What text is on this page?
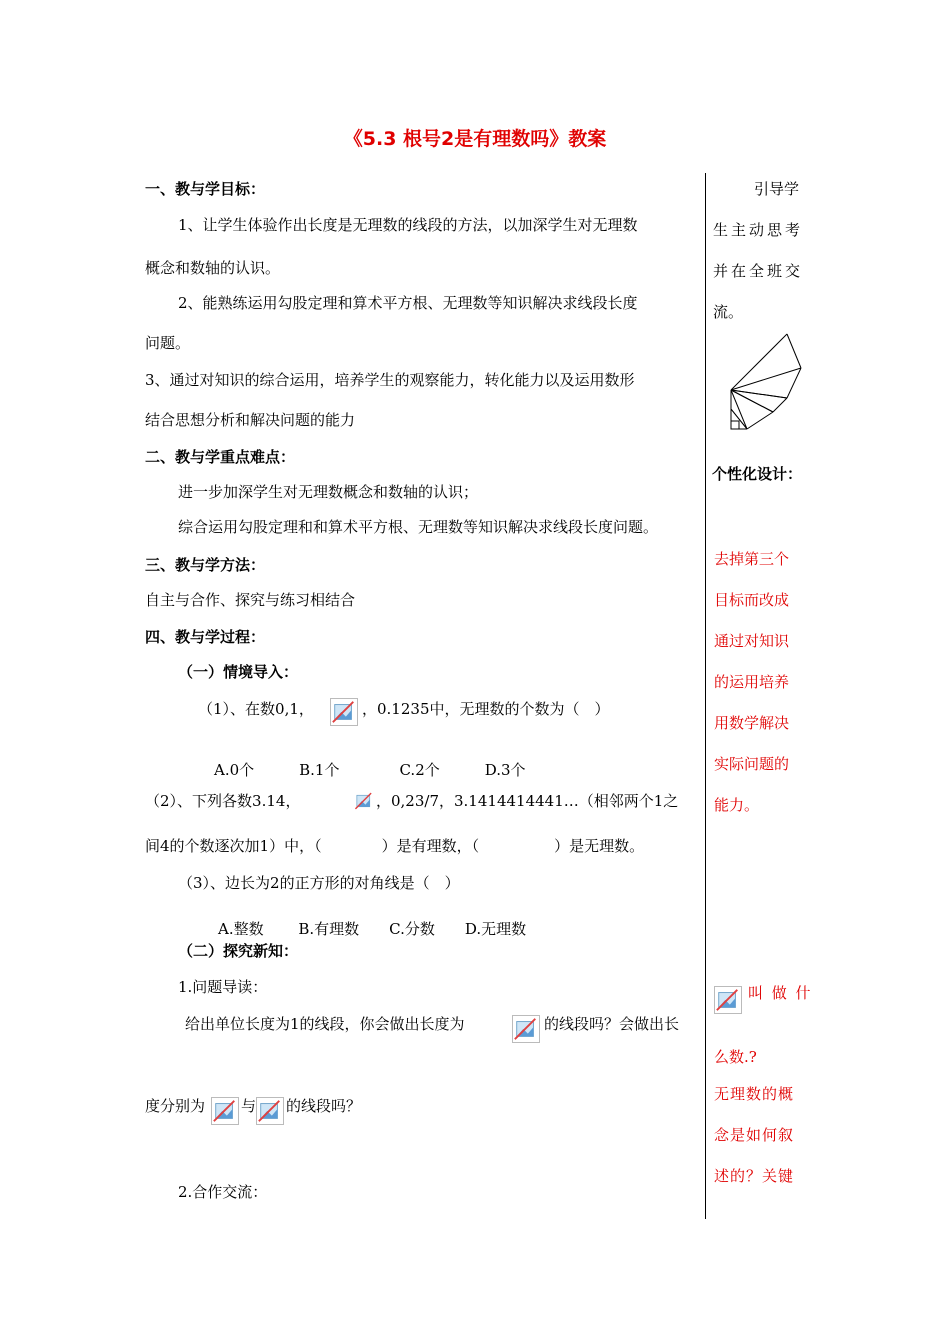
《5.3 根号2是有理数吗》教案
一、教与学目标：
1、让学生体验作出长度是无理数的线段的方法，以加深学生对无理数
概念和数轴的认识。
2、能熟练运用勾股定理和算术平方根、无理数等知识解决求线段长度
问题。
3、通过对知识的综合运用，培养学生的观察能力，转化能力以及运用数形
结合思想分析和解决问题的能力
二、教与学重点难点：
进一步加深学生对无理数概念和数轴的认识；
综合运用勾股定理和和算术平方根、无理数等知识解决求线段长度问题。
三、教与学方法：
自主与合作、探究与练习相结合
四、教与学过程：
（一）情境导入：
（1）、在数0,1，	，0.1235中，无理数的个数为（　）
A.0个　　　B.1个　　　　C.2个　　　D.3个
（2）、下列各数3.14，	，0,23/7，3.1414414441…（相邻两个1之
间4的个数逐次加1）中，（　　　　）是有理数，（　　　　　）是无理数。
（3）、边长为2的正方形的对角线是（　）
A.整数　　 B.有理数　　C.分数　　D.无理数
（二）探究新知：
1.问题导读：
给出单位长度为1的线段，你会做出长度为	的线段吗？会做出长
度分别为 与 的线段吗？
2.合作交流：
引导学
生主动思考
并在全班交
流。
个性化设计：
去掉第三个
目标而改成
通过对知识
的运用培养
用数学解决
实际问题的
能力。
叫 做 什
么数.?
无理数的概
念是如何叙
述的？关键
